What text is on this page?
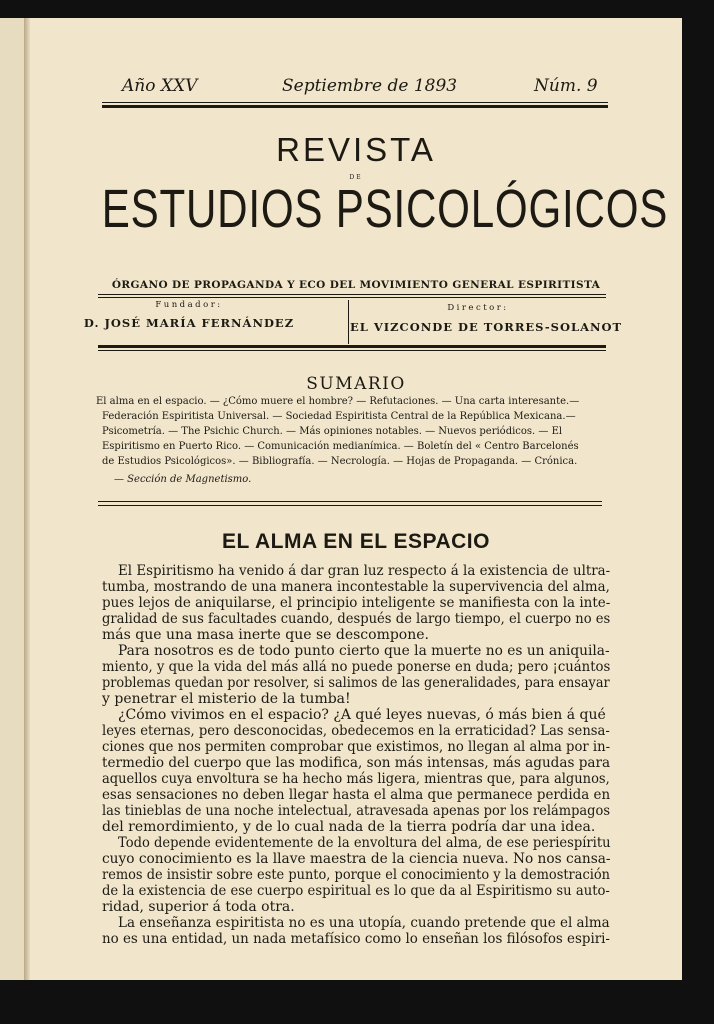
Año XXV	Septiembre de 1893	Núm. 9
REVISTA
DE
ESTUDIOS PSICOLÓGICOS
ÓRGANO DE PROPAGANDA Y ECO DEL MOVIMIENTO GENERAL ESPIRITISTA
Fundador:
D. JOSÉ MARÍA FERNÁNDEZ
Director:
EL VIZCONDE DE TORRES-SOLANOT
SUMARIO
El alma en el espacio. — ¿Cómo muere el hombre? — Refutaciones. — Una carta interesante.—
Federación Espiritista Universal. — Sociedad Espiritista Central de la República Mexicana.—
Psicometría. — The Psichic Church. — Más opiniones notables. — Nuevos periódicos. — El
Espiritismo en Puerto Rico. — Comunicación medianímica. — Boletín del « Centro Barcelonés
de Estudios Psicológicos». — Bibliografía. — Necrología. — Hojas de Propaganda. — Crónica.
— Sección de Magnetismo.
EL ALMA EN EL ESPACIO
El Espiritismo ha venido á dar gran luz respecto á la existencia de ultra-
tumba, mostrando de una manera incontestable la supervivencia del alma,
pues lejos de aniquilarse, el principio inteligente se manifiesta con la inte-
gralidad de sus facultades cuando, después de largo tiempo, el cuerpo no es
más que una masa inerte que se descompone.
Para nosotros es de todo punto cierto que la muerte no es un aniquila-
miento, y que la vida del más allá no puede ponerse en duda; pero ¡cuántos
problemas quedan por resolver, si salimos de las generalidades, para ensayar
y penetrar el misterio de la tumba!
¿Cómo vivimos en el espacio? ¿A qué leyes nuevas, ó más bien á qué
leyes eternas, pero desconocidas, obedecemos en la erraticidad? Las sensa-
ciones que nos permiten comprobar que existimos, no llegan al alma por in-
termedio del cuerpo que las modifica, son más intensas, más agudas para
aquellos cuya envoltura se ha hecho más ligera, mientras que, para algunos,
esas sensaciones no deben llegar hasta el alma que permanece perdida en
las tinieblas de una noche intelectual, atravesada apenas por los relámpagos
del remordimiento, y de lo cual nada de la tierra podría dar una idea.
Todo depende evidentemente de la envoltura del alma, de ese periespíritu
cuyo conocimiento es la llave maestra de la ciencia nueva. No nos cansa-
remos de insistir sobre este punto, porque el conocimiento y la demostración
de la existencia de ese cuerpo espiritual es lo que da al Espiritismo su auto-
ridad, superior á toda otra.
La enseñanza espiritista no es una utopía, cuando pretende que el alma
no es una entidad, un nada metafísico como lo enseñan los filósofos espiri-
